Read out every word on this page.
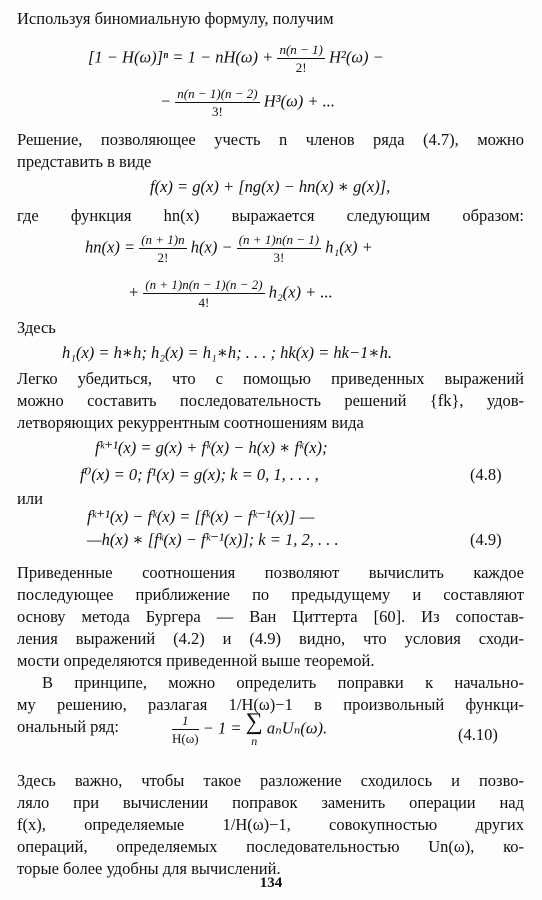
Используя биномиальную формулу, получим

$[1 - H(\omega)]^n = 1 - nH(\omega) + \frac{n(n - 1)}{2!} H^2(\omega)$ −
− $\frac{n(n - 1)(n - 2)}{3!} H^3(\omega)$ + ...

Решение, позволяющее учесть n членов ряда (4.7), можно
представить в виде

f(x) = g(x) + [ng(x) − hn(x) ∗ g(x)],

где функция hn(x) выражается следующим образом:

$hn(x) = \frac{(n + 1)n}{2!} h(x) - \frac{(n + 1)n(n - 1)}{3!} h_1(x)$ +
+ $\frac{(n + 1)n(n - 1)(n - 2)}{4!} h_2(x)$ + ...

Здесь

h₁(x) = h∗h; h₂(x) = h₁∗h; . . . ; hk(x) = hk−1∗h.

Легко убедиться, что с помощью приведенных выражений
можно составить последовательность решений {fk}, удов-
летворяющих рекуррентным соотношениям вида

fᵏ⁺¹(x) = g(x) + fᵏ(x) − h(x) ∗ fᵏ(x);
f⁰(x) = 0; f¹(x) = g(x); k = 0, 1, . . . ,	(4.8)

или

fᵏ⁺¹(x) − fᵏ(x) = [fᵏ(x) − fᵏ⁻¹(x)] —
—h(x) ∗ [fᵏ(x) − fᵏ⁻¹(x)]; k = 1, 2, . . .	(4.9)

Приведенные соотношения позволяют вычислить каждое
последующее приближение по предыдущему и составляют
основу метода Бургера — Ван Циттерта [60]. Из сопостав-
ления выражений (4.2) и (4.9) видно, что условия сходи-
мости определяются приведенной выше теоремой.

В принципе, можно определить поправки к начально-
му решению, разлагая 1/H(ω)−1 в произвольный функци-
ональный ряд:	$\frac{1}{H(\omega)} - 1$ = ∑
n
aₙUₙ(ω).	(4.10)

Здесь важно, чтобы такое разложение сходилось и позво-
ляло при вычислении поправок заменить операции над
f(x), определяемые 1/H(ω)−1, совокупностью других
операций, определяемых последовательностью Un(ω), ко-
торые более удобны для вычислений.

134
